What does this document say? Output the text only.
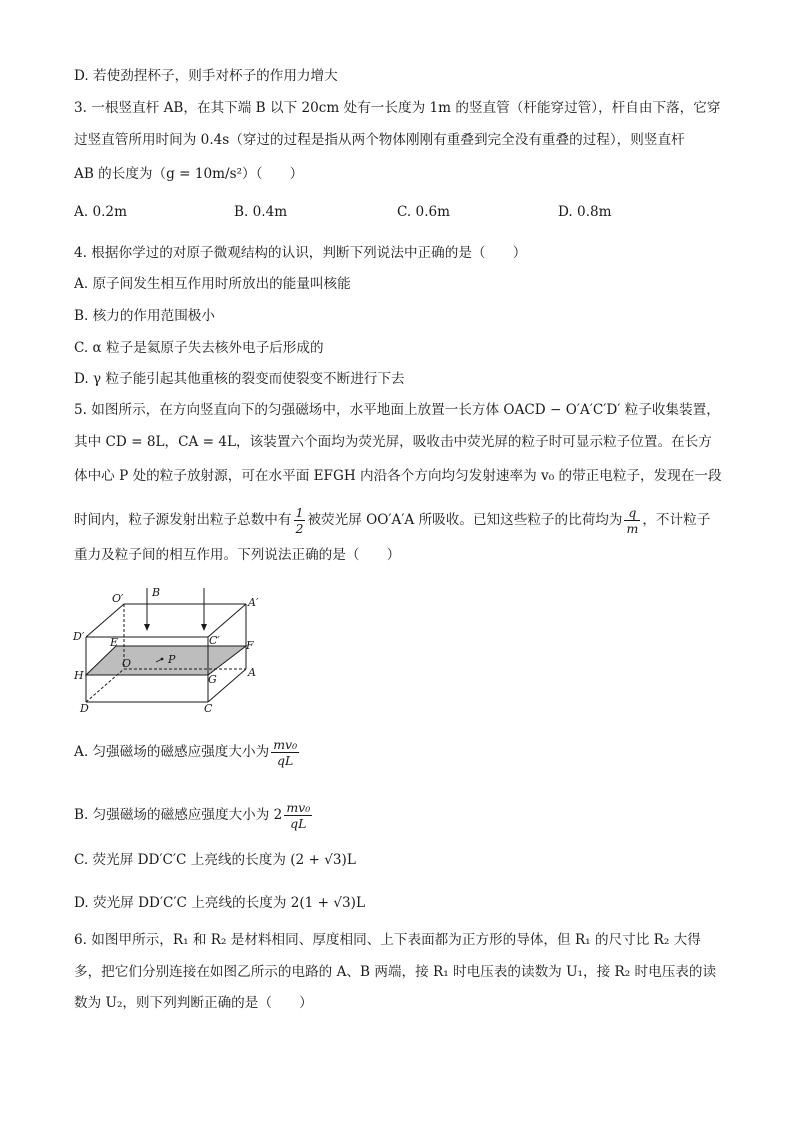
D. 若使劲捏杯子，则手对杯子的作用力增大
3. 一根竖直杆 AB，在其下端 B 以下 20cm 处有一长度为 1m 的竖直管（杆能穿过管），杆自由下落，它穿
过竖直管所用时间为 0.4s（穿过的过程是指从两个物体刚刚有重叠到完全没有重叠的过程），则竖直杆
AB 的长度为（g = 10m/s²）（　　）
A. 0.2m	B. 0.4m	C. 0.6m	D. 0.8m
4. 根据你学过的对原子微观结构的认识，判断下列说法中正确的是（　　）
A. 原子间发生相互作用时所放出的能量叫核能
B. 核力的作用范围极小
C. α 粒子是氦原子失去核外电子后形成的
D. γ 粒子能引起其他重核的裂变而使裂变不断进行下去
5. 如图所示，在方向竖直向下的匀强磁场中，水平地面上放置一长方体 OACD − O′A′C′D′ 粒子收集装置，
其中 CD = 8L，CA = 4L，该装置六个面均为荧光屏，吸收击中荧光屏的粒子时可显示粒子位置。在长方
体中心 P 处的粒子放射源，可在水平面 EFGH 内沿各个方向均匀发射速率为 v₀ 的带正电粒子，发现在一段
时间内，粒子源发射出粒子总数中有 $\frac{1}{2}$ 被荧光屏 OO′A′A 所吸收。已知这些粒子的比荷均为 $\frac{q}{m}$ ，不计粒子
重力及粒子间的相互作用。下列说法正确的是（　　）
O′	B
A′
D′ E	C′ F
O	P
H	G
A
D	C
A. 匀强磁场的磁感应强度大小为 $\frac{\text{mv₀}}{qL}$
B. 匀强磁场的磁感应强度大小为 $2 \frac{\text{mv₀}}{qL}$
C. 荧光屏 DD′C′C 上亮线的长度为 (2 + √3)L
D. 荧光屏 DD′C′C 上亮线的长度为 2(1 + √3)L
6. 如图甲所示，R₁ 和 R₂ 是材料相同、厚度相同、上下表面都为正方形的导体，但 R₁ 的尺寸比 R₂ 大得
多，把它们分别连接在如图乙所示的电路的 A、B 两端，接 R₁ 时电压表的读数为 U₁，接 R₂ 时电压表的读
数为 U₂，则下列判断正确的是（　　）
